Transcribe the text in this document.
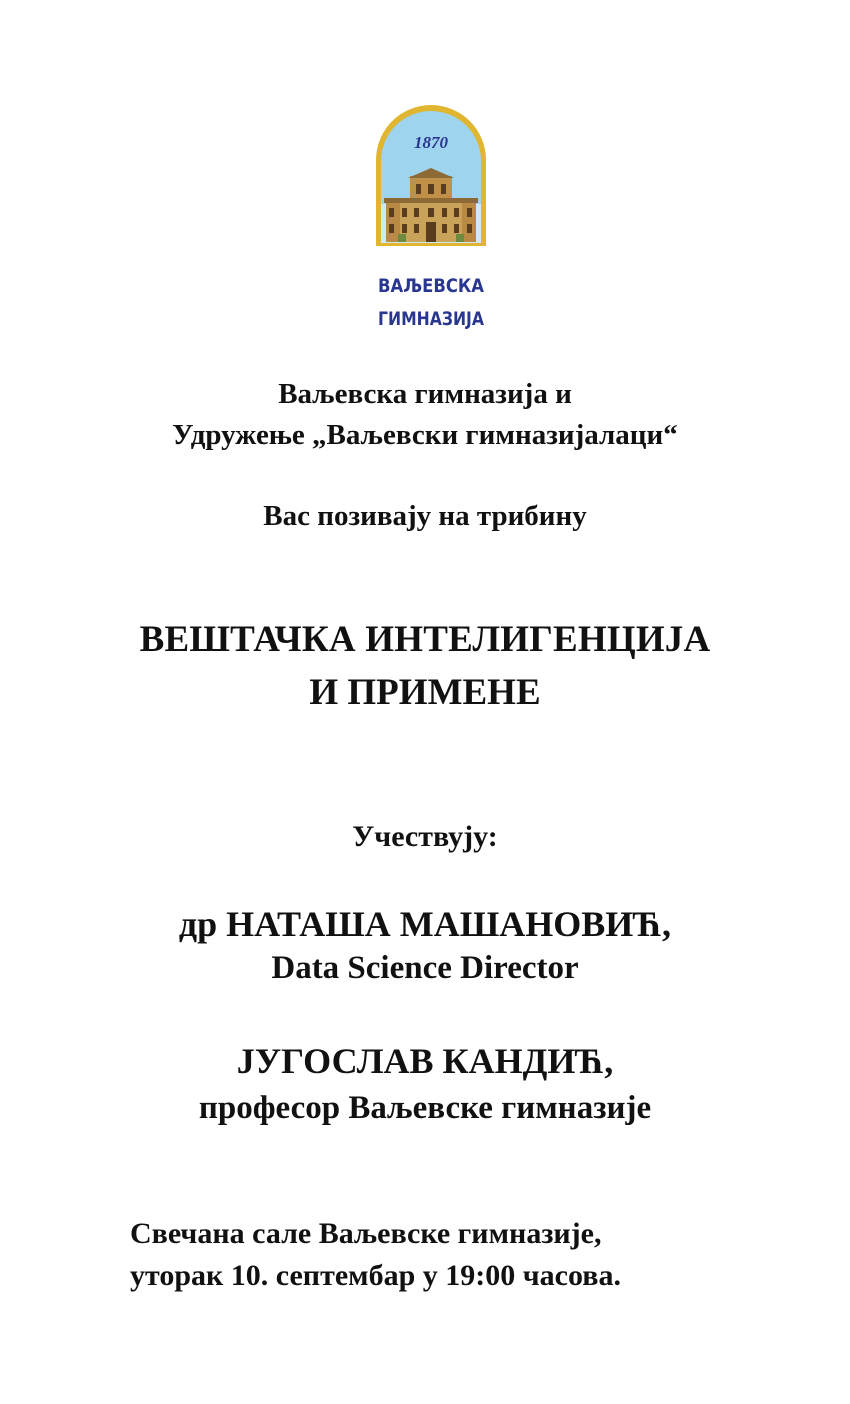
1870
ВАЉЕВСКА
ГИМНАЗИЈА
Ваљевска гимназија и
Удружење „Ваљевски гимназијалаци“
Вас позивају на трибину
ВЕШТАЧКА ИНТЕЛИГЕНЦИЈА
И ПРИМЕНЕ
Учествују:
др НАТАША МАШАНОВИЋ,
Data Science Director
ЈУГОСЛАВ КАНДИЋ,
професор Ваљевске гимназије
Свечана сале Ваљевске гимназије,
уторак 10. септембар у 19:00 часова.
